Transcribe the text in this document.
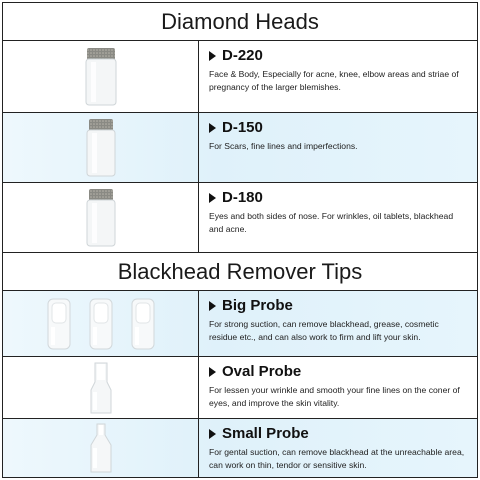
Diamond Heads
D-220
Face & Body, Especially for acne, knee, elbow areas and striae of pregnancy of the larger blemishes.
D-150
For Scars, fine lines and imperfections.
D-180
Eyes and both sides of nose. For wrinkles, oil tablets, blackhead and acne.
Blackhead Remover Tips
Big Probe
For strong suction, can remove blackhead, grease, cosmetic residue etc., and can also work to firm and lift your skin.
Oval Probe
For lessen your wrinkle and smooth your fine lines on the coner of eyes, and improve the skin vitality.
Small Probe
For gental suction, can remove blackhead at the unreachable area, can work on thin, tendor or sensitive skin.
